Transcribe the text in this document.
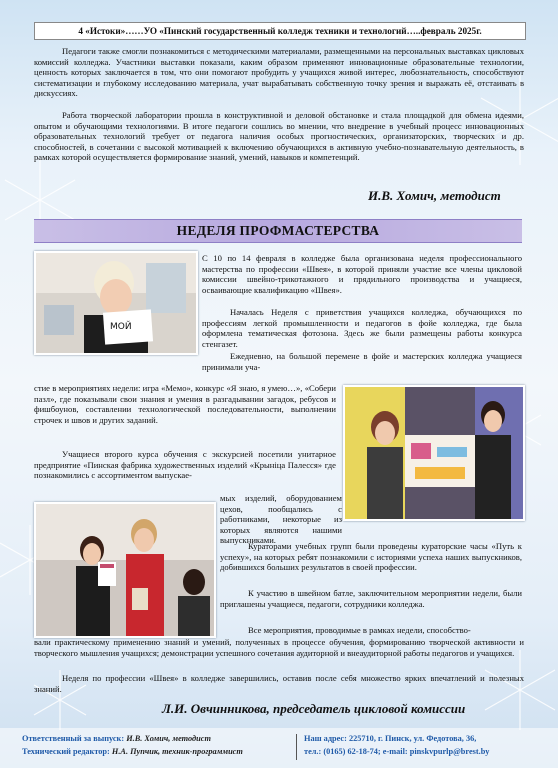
4 «Истоки»……УО «Пинский государственный колледж техники и технологий…..февраль 2025г.

Педагоги также смогли познакомиться с методическими материалами, размещенными на персональных выставках цикловых комиссий колледжа. Участники выставки показали, каким образом применяют инновационные образовательные технологии, ценность которых заключается в том, что они помогают пробудить у учащихся живой интерес, любознательность, способствуют систематизации и глубокому исследованию материала, учат вырабатывать собственную точку зрения и выражать её, отстаивать в дискуссиях.

Работа творческой лаборатории прошла в конструктивной и деловой обстановке и стала площадкой для обмена идеями, опытом и обучающими технологиями. В итоге педагоги сошлись во мнении, что внедрение в учебный процесс инновационных образовательных технологий требует от педагога наличия особых прогностических, организаторских, творческих и др. способностей, в сочетании с высокой мотивацией к включению обучающихся в активную учебно-познавательную деятельность, в рамках которой осуществляется формирование знаний, умений, навыков и компетенций.

И.В. Хомич, методист
НЕДЕЛЯ ПРОФМАСТЕРСТВА
МОЙ

С 10 по 14 февраля в колледже была организована неделя профессионального мастерства по профессии «Швея», в которой приняли участие все члены цикловой комиссии швейно-трикотажного и прядильного производства и учащиеся, осваивающие квалификацию «Швея».

Началась Неделя с приветствия учащихся колледжа, обучающихся по профессиям легкой промышленности и педагогов в фойе колледжа, где была оформлена тематическая фотозона. Здесь же были размещены работы конкурса стенгазет.

Ежедневно, на большой перемене в фойе и мастерских колледжа учащиеся принимали уча-

стие в мероприятиях недели: игра «Мемо», конкурс «Я знаю, я умею…», «Собери пазл», где показывали свои знания и умения в разгадывании загадок, ребусов и фишбоунов, составлении технологической последовательности, выполнении строчек и швов и других заданий.

Учащиеся второго курса обучения с экскурсией посетили унитарное предприятие «Пинская фабрика художественных изделий «Крыніца Палесся» где познакомились с ассортиментом выпускае-

мых изделий, оборудованием цехов, пообщались с работниками, некоторые из которых являются нашими выпускниками.

Кураторами учебных групп были проведены кураторские часы «Путь к успеху», на которых ребят познакомили с историями успеха наших выпускников, добившихся больших результатов в своей профессии.

К участию в швейном батле, заключительном мероприятии недели, были приглашены учащиеся, педагоги, сотрудники колледжа.

Все мероприятия, проводимые в рамках недели, способство-

вали практическому применению знаний и умений, полученных в процессе обучения, формированию творческой активности и творческого мышления учащихся; демонстрации успешного сочетания аудиторной и внеаудиторной работы педагогов и учащихся.

Неделя по профессии «Швея» в колледже завершились, оставив после себя множество ярких впечатлений и полезных знаний.

Л.И. Овчинникова, председатель цикловой комиссии
Ответственный за выпуск: И.В. Хомич, методист
Технический редактор: Н.А. Пупчик, техник-программист
Наш адрес: 225710, г. Пинск, ул. Федотова, 36,
тел.: (0165) 62-18-74; e-mail: pinskvpurlp@brest.by
